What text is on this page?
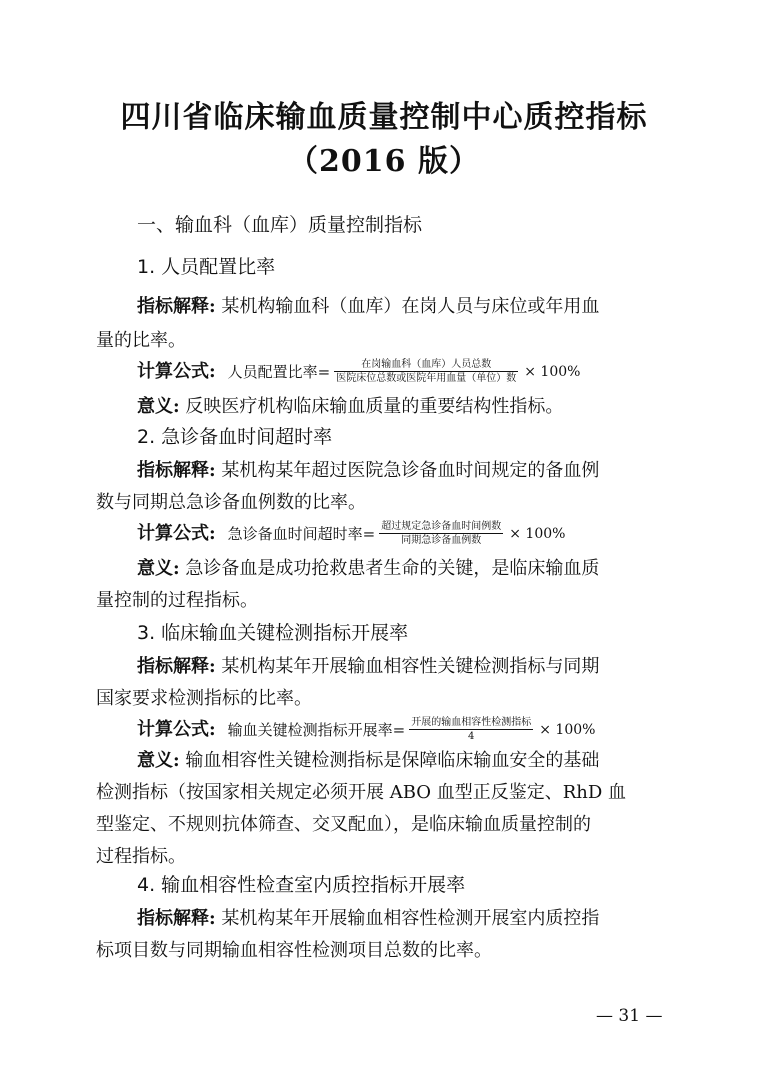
四川省临床输血质量控制中心质控指标
（2016 版）
一、输血科（血库）质量控制指标
1. 人员配置比率
指标解释: 某机构输血科（血库）在岗人员与床位或年用血
量的比率。
计算公式: 人员配置比率= $\frac{\text{在岗输血科（血库）人员总数}}{\text{医院床位总数或医院年用血量（单位）数}} \times 100\%$
意义: 反映医疗机构临床输血质量的重要结构性指标。
2. 急诊备血时间超时率
指标解释: 某机构某年超过医院急诊备血时间规定的备血例
数与同期总急诊备血例数的比率。
计算公式: 急诊备血时间超时率= $\frac{\text{超过规定急诊备血时间例数}}{\text{同期急诊备血例数}} \times 100\%$
意义: 急诊备血是成功抢救患者生命的关键，是临床输血质
量控制的过程指标。
3. 临床输血关键检测指标开展率
指标解释: 某机构某年开展输血相容性关键检测指标与同期
国家要求检测指标的比率。
计算公式: 输血关键检测指标开展率= $\frac{\text{开展的输血相容性检测指标}}{4} \times 100\%$
意义: 输血相容性关键检测指标是保障临床输血安全的基础
检测指标（按国家相关规定必须开展 ABO 血型正反鉴定、RhD 血
型鉴定、不规则抗体筛查、交叉配血），是临床输血质量控制的
过程指标。
4. 输血相容性检查室内质控指标开展率
指标解释: 某机构某年开展输血相容性检测开展室内质控指
标项目数与同期输血相容性检测项目总数的比率。
— 31 —
